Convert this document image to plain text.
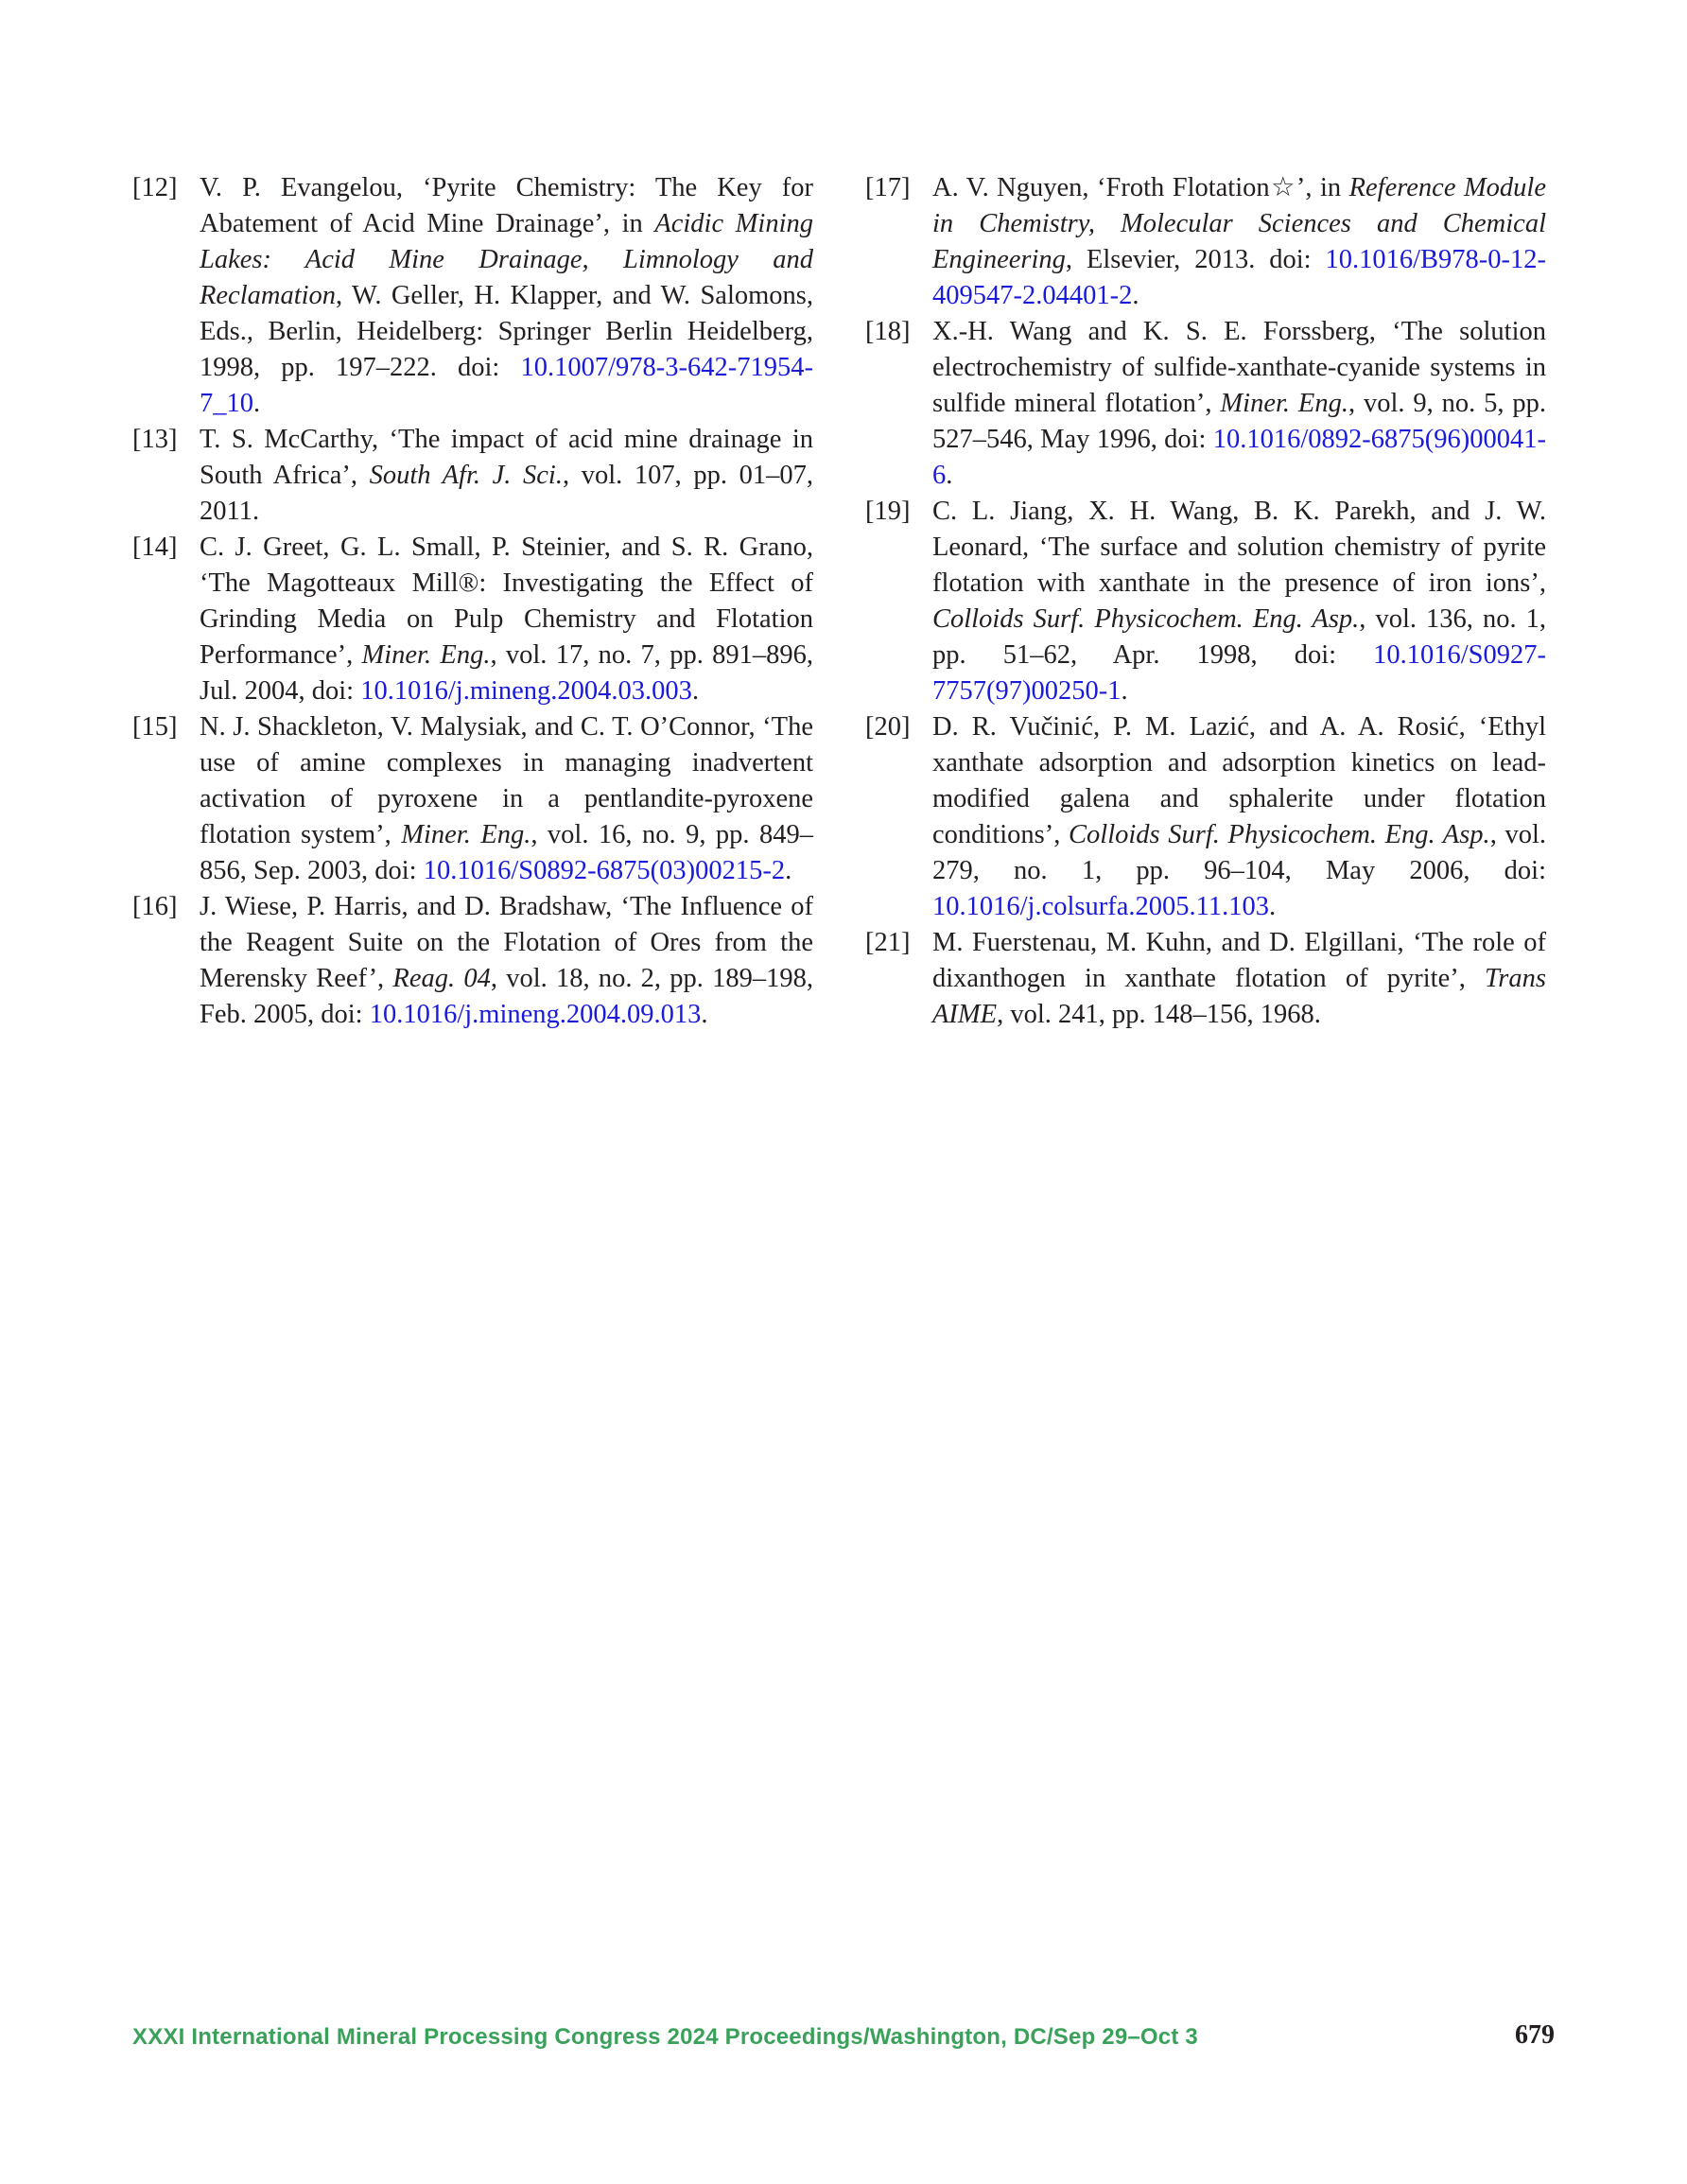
[12] V. P. Evangelou, ‘Pyrite Chemistry: The Key for Abatement of Acid Mine Drainage’, in Acidic Mining Lakes: Acid Mine Drainage, Limnology and Reclamation, W. Geller, H. Klapper, and W. Salomons, Eds., Berlin, Heidelberg: Springer Berlin Heidelberg, 1998, pp. 197–222. doi: 10.1007/978-3-642-71954-7_10.
[13] T. S. McCarthy, ‘The impact of acid mine drainage in South Africa’, South Afr. J. Sci., vol. 107, pp. 01–07, 2011.
[14] C. J. Greet, G. L. Small, P. Steinier, and S. R. Grano, ‘The Magotteaux Mill®: Investigating the Effect of Grinding Media on Pulp Chemistry and Flotation Performance’, Miner. Eng., vol. 17, no. 7, pp. 891–896, Jul. 2004, doi: 10.1016/j.mineng.2004.03.003.
[15] N. J. Shackleton, V. Malysiak, and C. T. O’Connor, ‘The use of amine complexes in managing inadvertent activation of pyroxene in a pentlandite-pyroxene flotation system’, Miner. Eng., vol. 16, no. 9, pp. 849–856, Sep. 2003, doi: 10.1016/S0892-6875(03)00215-2.
[16] J. Wiese, P. Harris, and D. Bradshaw, ‘The Influence of the Reagent Suite on the Flotation of Ores from the Merensky Reef’, Reag. 04, vol. 18, no. 2, pp. 189–198, Feb. 2005, doi: 10.1016/j.mineng.2004.09.013.
[17] A. V. Nguyen, ‘Froth Flotation☆’, in Reference Module in Chemistry, Molecular Sciences and Chemical Engineering, Elsevier, 2013. doi: 10.1016/B978-0-12-409547-2.04401-2.
[18] X.-H. Wang and K. S. E. Forssberg, ‘The solution electrochemistry of sulfide-xanthate-cyanide systems in sulfide mineral flotation’, Miner. Eng., vol. 9, no. 5, pp. 527–546, May 1996, doi: 10.1016/0892-6875(96)00041-6.
[19] C. L. Jiang, X. H. Wang, B. K. Parekh, and J. W. Leonard, ‘The surface and solution chemistry of pyrite flotation with xanthate in the presence of iron ions’, Colloids Surf. Physicochem. Eng. Asp., vol. 136, no. 1, pp. 51–62, Apr. 1998, doi: 10.1016/S0927-7757(97)00250-1.
[20] D. R. Vučinić, P. M. Lazić, and A. A. Rosić, ‘Ethyl xanthate adsorption and adsorption kinetics on lead-modified galena and sphalerite under flotation conditions’, Colloids Surf. Physicochem. Eng. Asp., vol. 279, no. 1, pp. 96–104, May 2006, doi: 10.1016/j.colsurfa.2005.11.103.
[21] M. Fuerstenau, M. Kuhn, and D. Elgillani, ‘The role of dixanthogen in xanthate flotation of pyrite’, Trans AIME, vol. 241, pp. 148–156, 1968.
XXXI International Mineral Processing Congress 2024 Proceedings/Washington, DC/Sep 29–Oct 3	679
